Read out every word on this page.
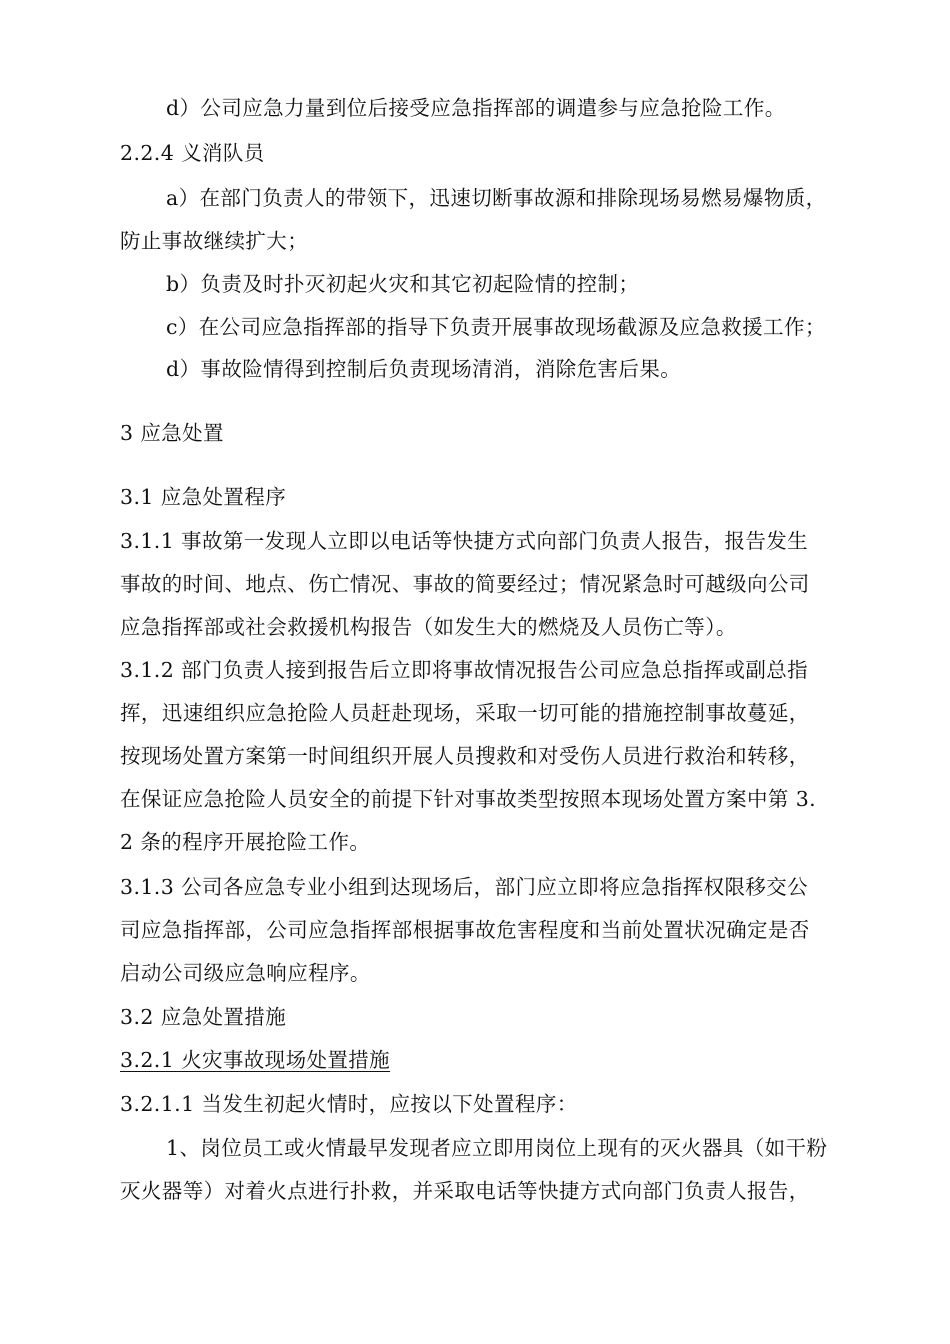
d）公司应急力量到位后接受应急指挥部的调遣参与应急抢险工作。
2.2.4 义消队员
a）在部门负责人的带领下，迅速切断事故源和排除现场易燃易爆物质，
防止事故继续扩大；
b）负责及时扑灭初起火灾和其它初起险情的控制；
c）在公司应急指挥部的指导下负责开展事故现场截源及应急救援工作；
d）事故险情得到控制后负责现场清消，消除危害后果。
3 应急处置
3.1 应急处置程序
3.1.1 事故第一发现人立即以电话等快捷方式向部门负责人报告，报告发生
事故的时间、地点、伤亡情况、事故的简要经过；情况紧急时可越级向公司
应急指挥部或社会救援机构报告（如发生大的燃烧及人员伤亡等）。
3.1.2 部门负责人接到报告后立即将事故情况报告公司应急总指挥或副总指
挥，迅速组织应急抢险人员赶赴现场，采取一切可能的措施控制事故蔓延，
按现场处置方案第一时间组织开展人员搜救和对受伤人员进行救治和转移，
在保证应急抢险人员安全的前提下针对事故类型按照本现场处置方案中第 3.
2 条的程序开展抢险工作。
3.1.3 公司各应急专业小组到达现场后，部门应立即将应急指挥权限移交公
司应急指挥部，公司应急指挥部根据事故危害程度和当前处置状况确定是否
启动公司级应急响应程序。
3.2 应急处置措施
3.2.1 火灾事故现场处置措施
3.2.1.1 当发生初起火情时，应按以下处置程序：
1、岗位员工或火情最早发现者应立即用岗位上现有的灭火器具（如干粉
灭火器等）对着火点进行扑救，并采取电话等快捷方式向部门负责人报告，
